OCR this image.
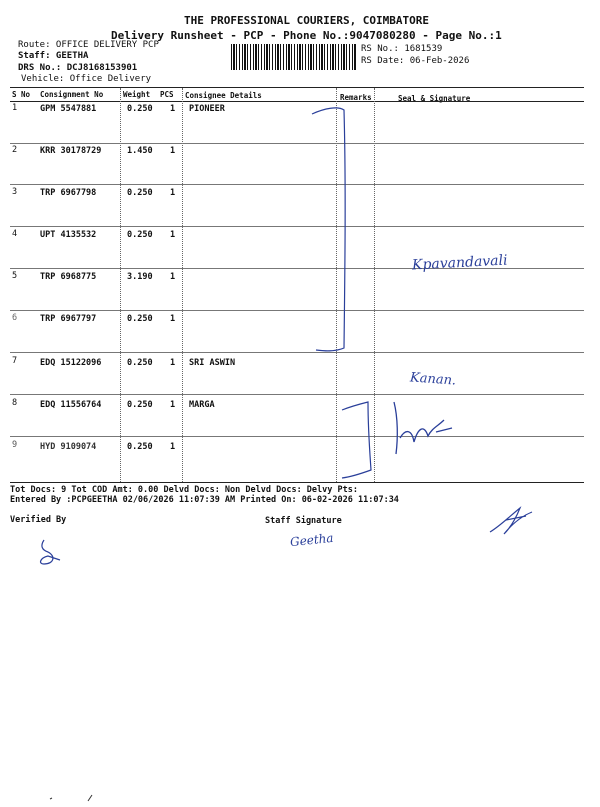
THE PROFESSIONAL COURIERS, COIMBATORE
Delivery Runsheet - PCP - Phone No.:9047080280 - Page No.:1
Route: OFFICE DELIVERY PCP
Staff: GEETHA
DRS No.: DCJ8168153901
Vehicle: Office Delivery
RS No.: 1681539
RS Date: 06-Feb-2026
S No Consignment No	Weight PCS Consignee Details	Remarks	Seal & Signature
1	GPM 5547881	0.250 1 PIONEER
2	KRR 30178729	1.450 1
3	TRP 6967798	0.250 1
4	UPT 4135532	0.250 1
5	TRP 6968775	3.190 1
6	TRP 6967797	0.250 1
7	EDQ 15122096	0.250 1 SRI ASWIN
8	EDQ 11556764	0.250 1 MARGA
9	HYD 9109074	0.250 1
Tot Docs: 9 Tot COD Amt: 0.00 Delvd Docs: Non Delvd Docs: Delvy Pts:
Entered By :PCPGEETHA 02/06/2026 11:07:39 AM Printed On: 06-02-2026 11:07:34
Verified By	Staff Signature
Kpavandavali
Kanan.
Geetha
